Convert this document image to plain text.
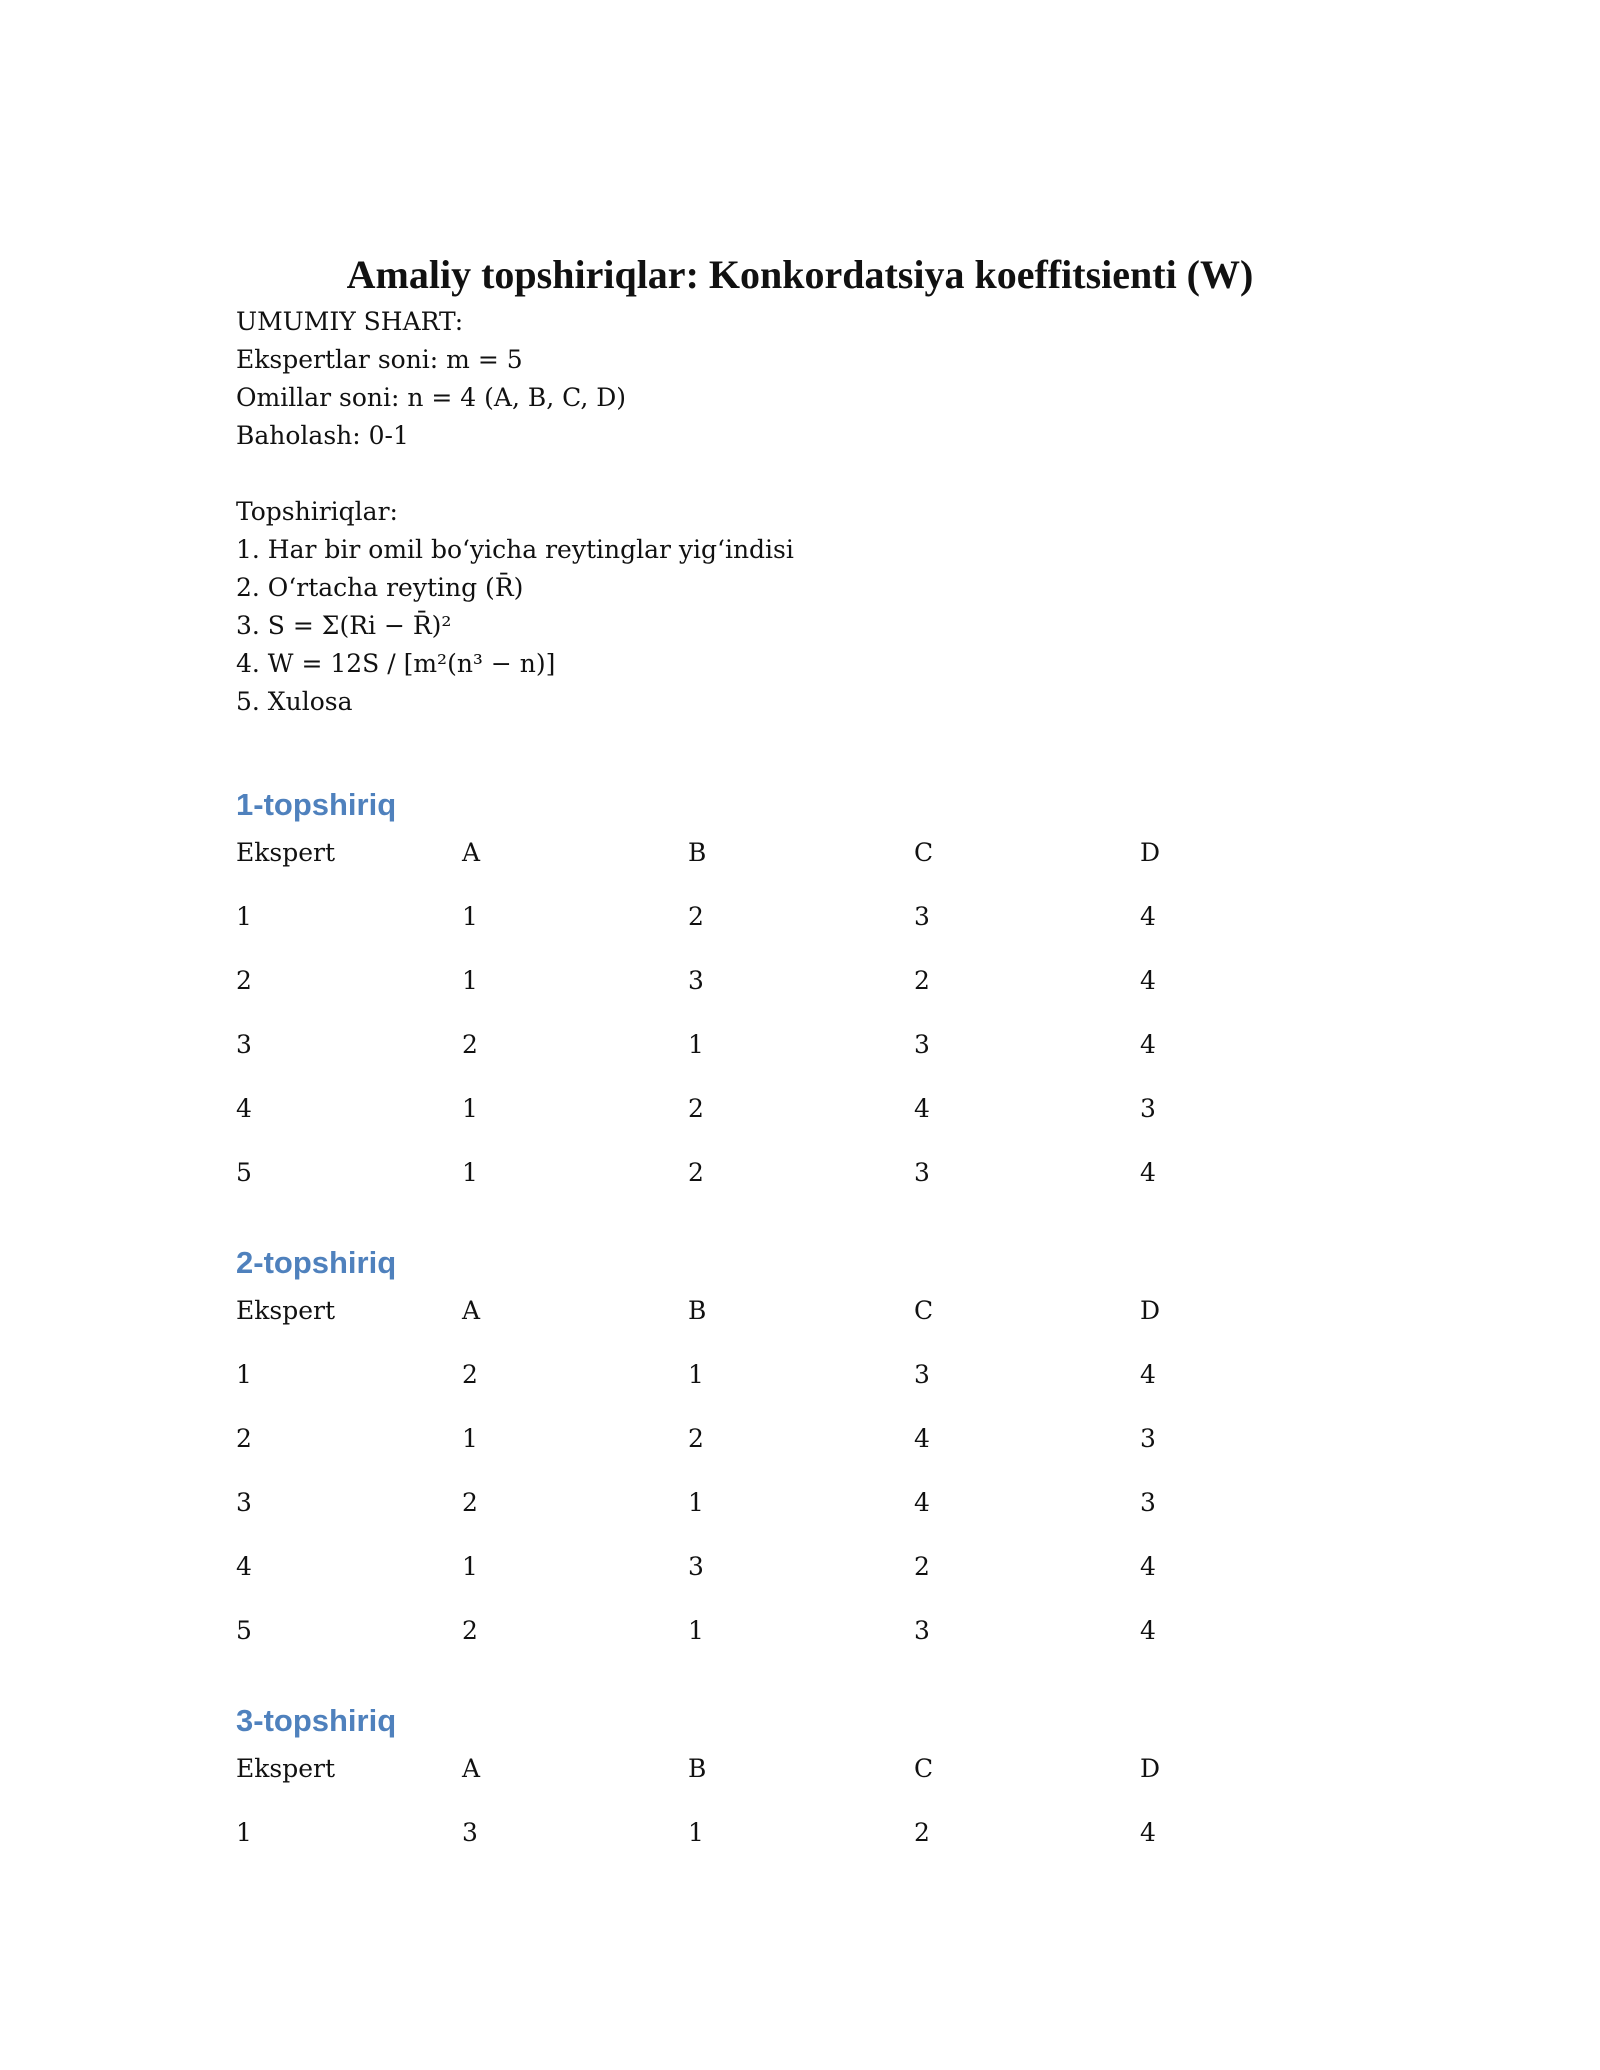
Amaliy topshiriqlar: Konkordatsiya koeffitsienti (W)
UMUMIY SHART:
Ekspertlar soni: m = 5
Omillar soni: n = 4 (A, B, C, D)
Baholash: 0-1
Topshiriqlar:
1. Har bir omil bo‘yicha reytinglar yig‘indisi
2. O‘rtacha reyting (R̄)
3. S = Σ(Ri − R̄)²
4. W = 12S / [m²(n³ − n)]
5. Xulosa
1-topshiriq
Ekspert	A	B	C	D
1	1	2	3	4
2	1	3	2	4
3	2	1	3	4
4	1	2	4	3
5	1	2	3	4
2-topshiriq
Ekspert	A	B	C	D
1	2	1	3	4
2	1	2	4	3
3	2	1	4	3
4	1	3	2	4
5	2	1	3	4
3-topshiriq
Ekspert	A	B	C	D
1	3	1	2	4
